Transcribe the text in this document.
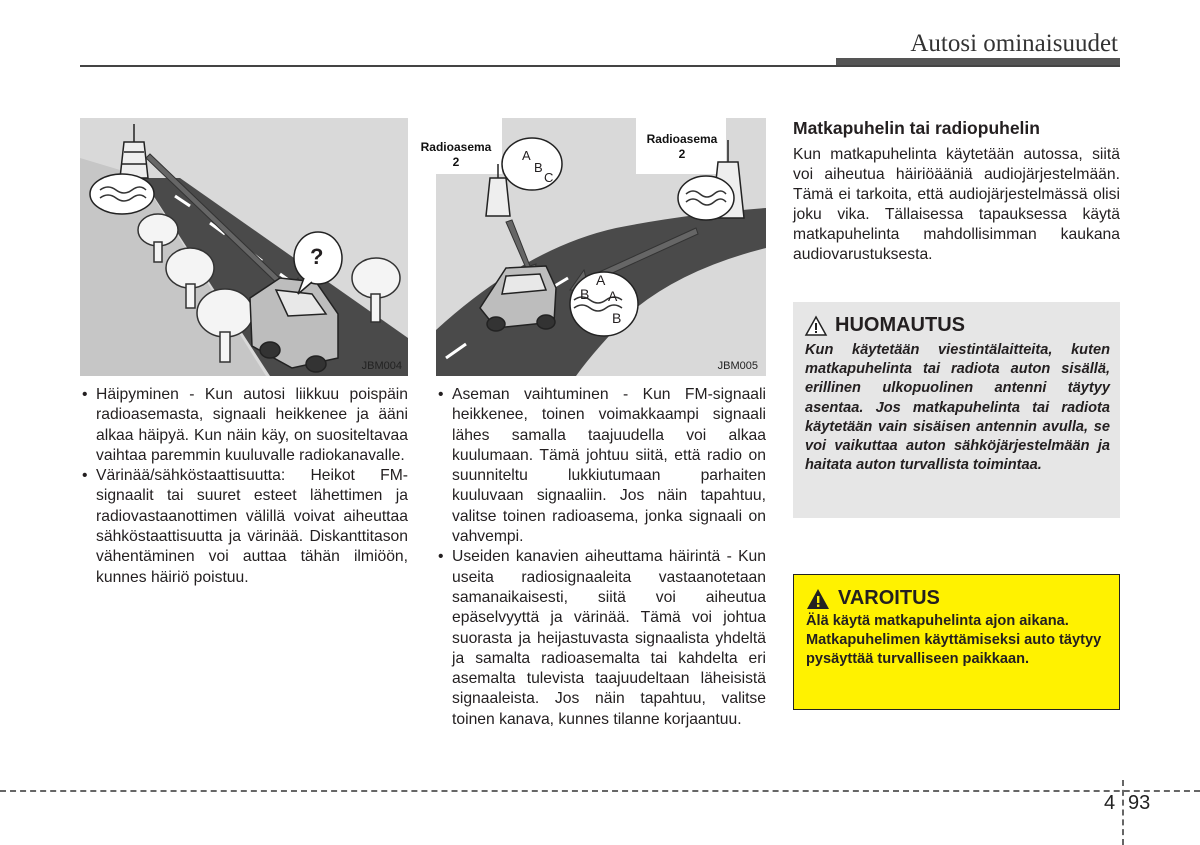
Autosi ominaisuudet
?
JBM004
Radioasema
2
Radioasema
2
A
B
C
A
B A
B
JBM005
• Häipyminen - Kun autosi liikkuu poispäin radioasemasta, signaali heikkenee ja ääni alkaa häipyä. Kun näin käy, on suositeltavaa vaihtaa paremmin kuuluvalle radiokanavalle.
• Värinää/sähköstaattisuutta: Heikot FM-signaalit tai suuret esteet lähettimen ja radiovastaanottimen välillä voivat aiheuttaa sähköstaattisuutta ja värinää. Diskanttitason vähentäminen voi auttaa tähän ilmiöön, kunnes häiriö poistuu.
• Aseman vaihtuminen - Kun FM-signaali heikkenee, toinen voimakkaampi signaali lähes samalla taajuudella voi alkaa kuulumaan. Tämä johtuu siitä, että radio on suunniteltu lukkiutumaan parhaiten kuuluvaan signaaliin. Jos näin tapahtuu, valitse toinen radioasema, jonka signaali on vahvempi.
• Useiden kanavien aiheuttama häirintä - Kun useita radiosignaaleita vastaanotetaan samanaikaisesti, siitä voi aiheutua epäselvyyttä ja värinää. Tämä voi johtua suorasta ja heijastuvasta signaalista yhdeltä ja samalta radioasemalta tai kahdelta eri asemalta tulevista taajuudeltaan läheisistä signaaleista. Jos näin tapahtuu, valitse toinen kanava, kunnes tilanne korjaantuu.
Matkapuhelin tai radiopuhelin
Kun matkapuhelinta käytetään autossa, siitä voi aiheutua häiriöääniä audiojärjestelmään. Tämä ei tarkoita, että audiojärjestelmässä olisi joku vika. Tällaisessa tapauksessa käytä matkapuhelinta mahdollisimman kaukana audiovarustuksesta.
HUOMAUTUS
Kun käytetään viestintälaitteita, kuten matkapuhelinta tai radiota auton sisällä, erillinen ulkopuolinen antenni täytyy asentaa. Jos matkapuhelinta tai radiota käytetään vain sisäisen antennin avulla, se voi vaikuttaa auton sähköjärjestelmään ja haitata auton turvallista toimintaa.
VAROITUS
Älä käytä matkapuhelinta ajon aikana. Matkapuhelimen käyttämiseksi auto täytyy pysäyttää turvalliseen paikkaan.
4 93
